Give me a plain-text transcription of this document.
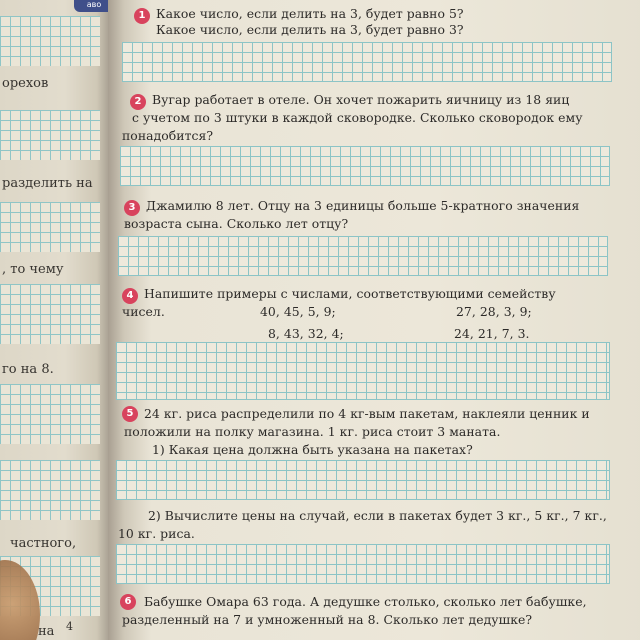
аво
орехов
разделить на
, то чему
го на 8.
частного,
на 4
1 Какое число, если делить на 3, будет равно 5?
Какое число, если делить на 3, будет равно 3?
2 Вугар работает в отеле. Он хочет пожарить яичницу из 18 яиц
с учетом по 3 штуки в каждой сковородке. Сколько сковородок ему
понадобится?
3 Джамилю 8 лет. Отцу на 3 единицы больше 5-кратного значения
возраста сына. Сколько лет отцу?
4 Напишите примеры с числами, соответствующими семейству
чисел.	40, 45, 5, 9;	27, 28, 3, 9;
8, 43, 32, 4;	24, 21, 7, 3.
5 24 кг. риса распределили по 4 кг-вым пакетам, наклеяли ценник и
положили на полку магазина. 1 кг. риса стоит 3 маната.
1) Какая цена должна быть указана на пакетах?
2) Вычислите цены на случай, если в пакетах будет 3 кг., 5 кг., 7 кг.,
10 кг. риса.
6	Бабушке Омара 63 года. А дедушке столько, сколько лет бабушке,
разделенный на 7 и умноженный на 8. Сколько лет дедушке?
